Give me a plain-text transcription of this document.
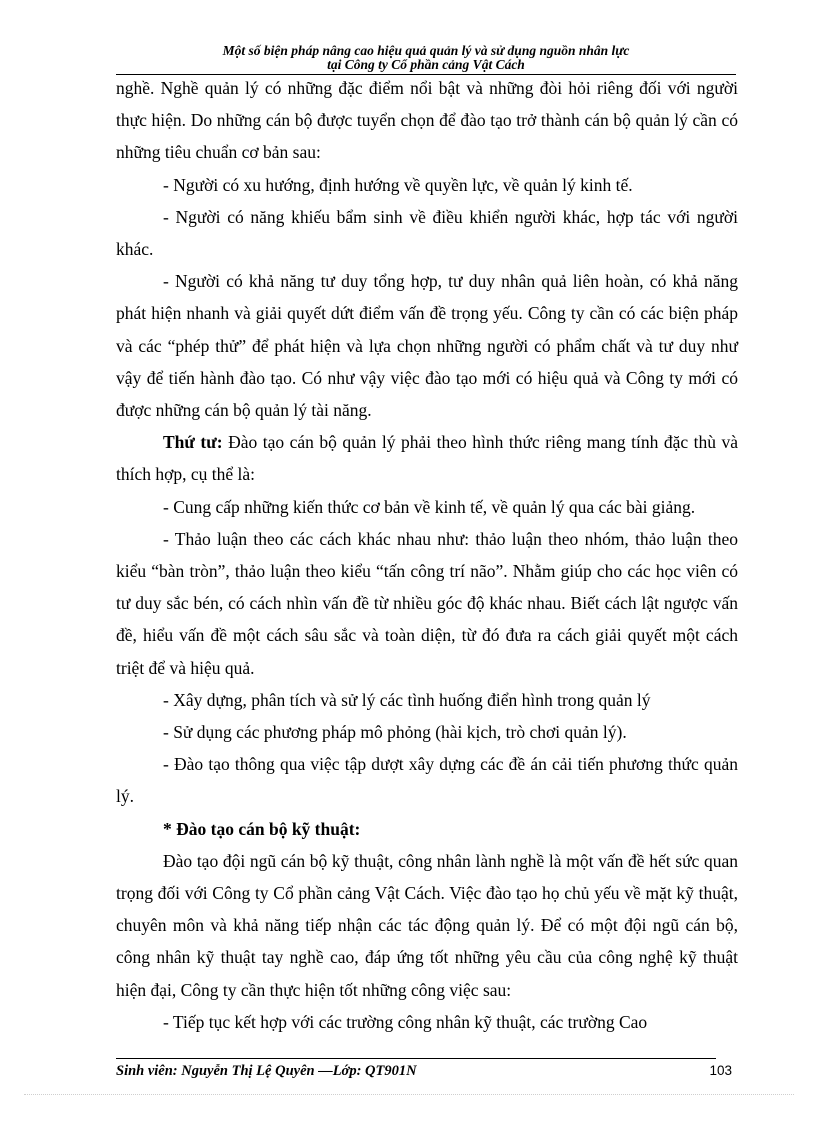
Một số biện pháp nâng cao hiệu quả quản lý và sử dụng nguồn nhân lực
tại Công ty Cổ phần cảng Vật Cách

nghề. Nghề quản lý có những đặc điểm nổi bật và những đòi hỏi riêng đối với người thực hiện. Do những cán bộ được tuyển chọn để đào tạo trở thành cán bộ quản lý cần có những tiêu chuẩn cơ bản sau:

- Người có xu hướng, định hướng về quyền lực, về quản lý kinh tế.

- Người có năng khiếu bẩm sinh về điều khiển người khác, hợp tác với người khác.

- Người có khả năng tư duy tổng hợp, tư duy nhân quả liên hoàn, có khả năng phát hiện nhanh và giải quyết dứt điểm vấn đề trọng yếu. Công ty cần có các biện pháp và các “phép thử” để phát hiện và lựa chọn những người có phẩm chất và tư duy như vậy để tiến hành đào tạo. Có như vậy việc đào tạo mới có hiệu quả và Công ty mới có được những cán bộ quản lý tài năng.

Thứ tư: Đào tạo cán bộ quản lý phải theo hình thức riêng mang tính đặc thù và thích hợp, cụ thể là:

- Cung cấp những kiến thức cơ bản về kinh tế, về quản lý qua các bài giảng.

- Thảo luận theo các cách khác nhau như: thảo luận theo nhóm, thảo luận theo kiểu “bàn tròn”, thảo luận theo kiểu “tấn công trí não”. Nhằm giúp cho các học viên có tư duy sắc bén, có cách nhìn vấn đề từ nhiều góc độ khác nhau. Biết cách lật ngược vấn đề, hiểu vấn đề một cách sâu sắc và toàn diện, từ đó đưa ra cách giải quyết một cách triệt để và hiệu quả.

- Xây dựng, phân tích và sử lý các tình huống điển hình trong quản lý

- Sử dụng các phương pháp mô phỏng (hài kịch, trò chơi quản lý).

- Đào tạo thông qua việc tập dượt xây dựng các đề án cải tiến phương thức quản lý.

* Đào tạo cán bộ kỹ thuật:

Đào tạo đội ngũ cán bộ kỹ thuật, công nhân lành nghề là một vấn đề hết sức quan trọng đối với Công ty Cổ phần cảng Vật Cách. Việc đào tạo họ chủ yếu về mặt kỹ thuật, chuyên môn và khả năng tiếp nhận các tác động quản lý. Để có một đội ngũ cán bộ, công nhân kỹ thuật tay nghề cao, đáp ứng tốt những yêu cầu của công nghệ kỹ thuật hiện đại, Công ty cần thực hiện tốt những công việc sau:

- Tiếp tục kết hợp với các trường công nhân kỹ thuật, các trường Cao

Sinh viên: Nguyễn Thị Lệ Quyên —Lớp: QT901N	103
